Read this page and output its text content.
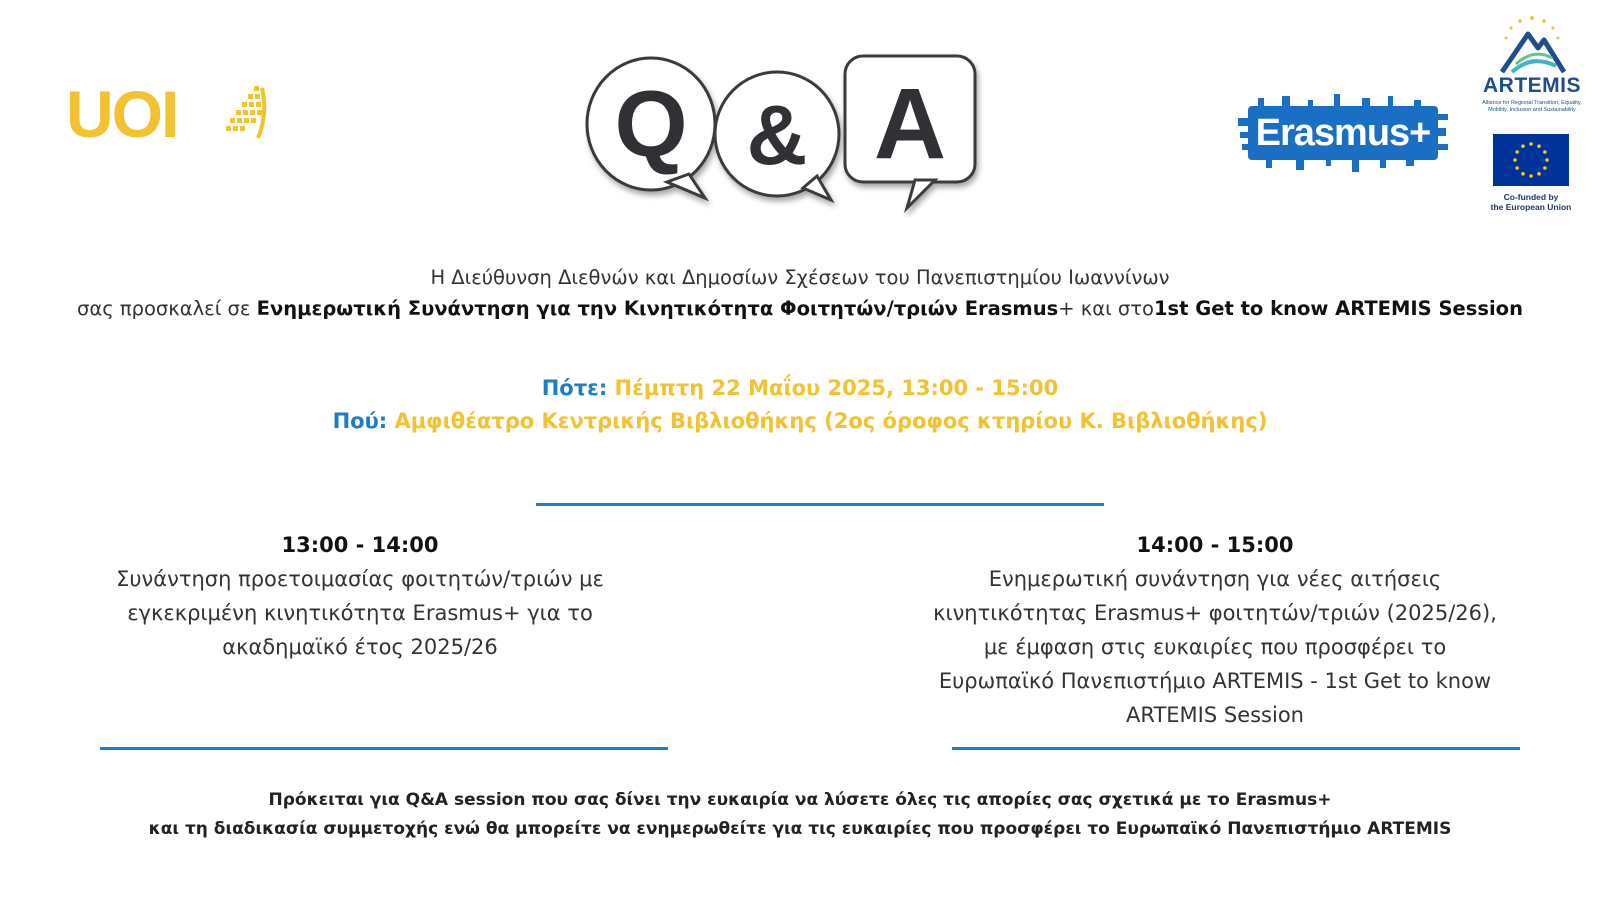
UOI	Q & A	Erasmus+
ARTEMIS
Alliance for Regional Transition, Equality,
Mobility, Inclusion and Sustainability
Co-funded by
the European Union
Η Διεύθυνση Διεθνών και Δημοσίων Σχέσεων του Πανεπιστημίου Ιωαννίνων
σας προσκαλεί σε Ενημερωτική Συνάντηση για την Κινητικότητα Φοιτητών/τριών Erasmus+ και στο1st Get to know ARTEMIS Session
Πότε: Πέμπτη 22 Μαΐου 2025, 13:00 - 15:00
Πού: Αμφιθέατρο Κεντρικής Βιβλιοθήκης (2ος όροφος κτηρίου Κ. Βιβλιοθήκης)
13:00 - 14:00
Συνάντηση προετοιμασίας φοιτητών/τριών με
εγκεκριμένη κινητικότητα Erasmus+ για το
ακαδημαϊκό έτος 2025/26
14:00 - 15:00
Ενημερωτική συνάντηση για νέες αιτήσεις
κινητικότητας Erasmus+ φοιτητών/τριών (2025/26),
με έμφαση στις ευκαιρίες που προσφέρει το
Ευρωπαϊκό Πανεπιστήμιο ARTEMIS - 1st Get to know
ARTEMIS Session
Πρόκειται για Q&A session που σας δίνει την ευκαιρία να λύσετε όλες τις απορίες σας σχετικά με το Erasmus+
και τη διαδικασία συμμετοχής ενώ θα μπορείτε να ενημερωθείτε για τις ευκαιρίες που προσφέρει το Ευρωπαϊκό Πανεπιστήμιο ARTEMIS
